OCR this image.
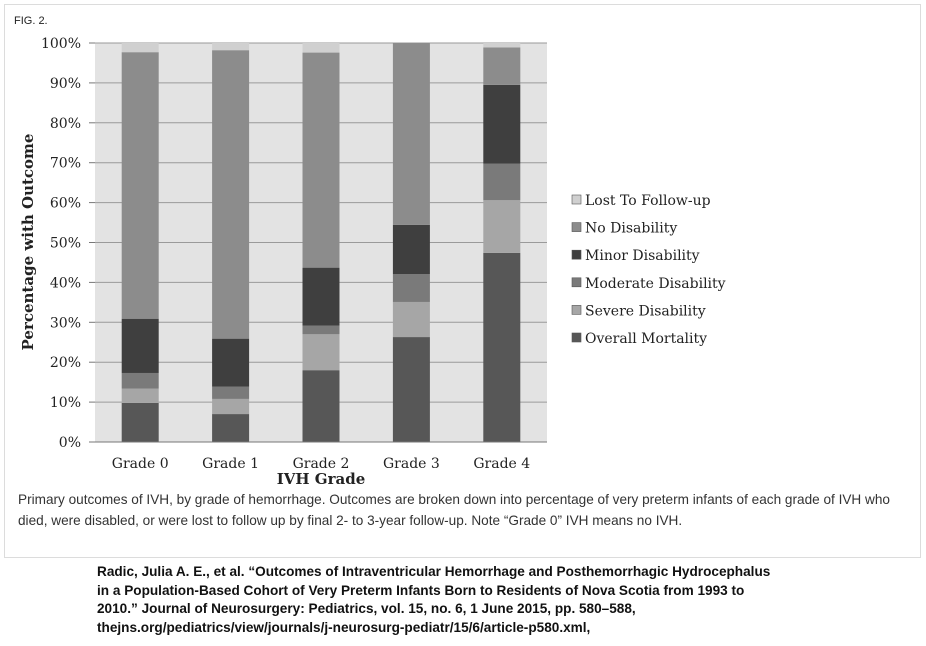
FIG. 2.
0%
10%
20%
30%
40%
50%
60%
70%
80%
90%
100%
Grade 0 Grade 1 Grade 2 Grade 3 Grade 4
IVH Grade
Percentage with Outcome	Lost To Follow-up
No Disability
Minor Disability
Moderate Disability
Severe Disability
Overall Mortality

Primary outcomes of IVH, by grade of hemorrhage. Outcomes are broken down into percentage of very preterm infants of each grade of IVH who died, were disabled, or were lost to follow up by final 2- to 3-year follow-up. Note “Grade 0” IVH means no IVH.

Radic, Julia A. E., et al. “Outcomes of Intraventricular Hemorrhage and Posthemorrhagic Hydrocephalus
in a Population-Based Cohort of Very Preterm Infants Born to Residents of Nova Scotia from 1993 to
2010.” Journal of Neurosurgery: Pediatrics, vol. 15, no. 6, 1 June 2015, pp. 580–588,
thejns.org/pediatrics/view/journals/j-neurosurg-pediatr/15/6/article-p580.xml,
